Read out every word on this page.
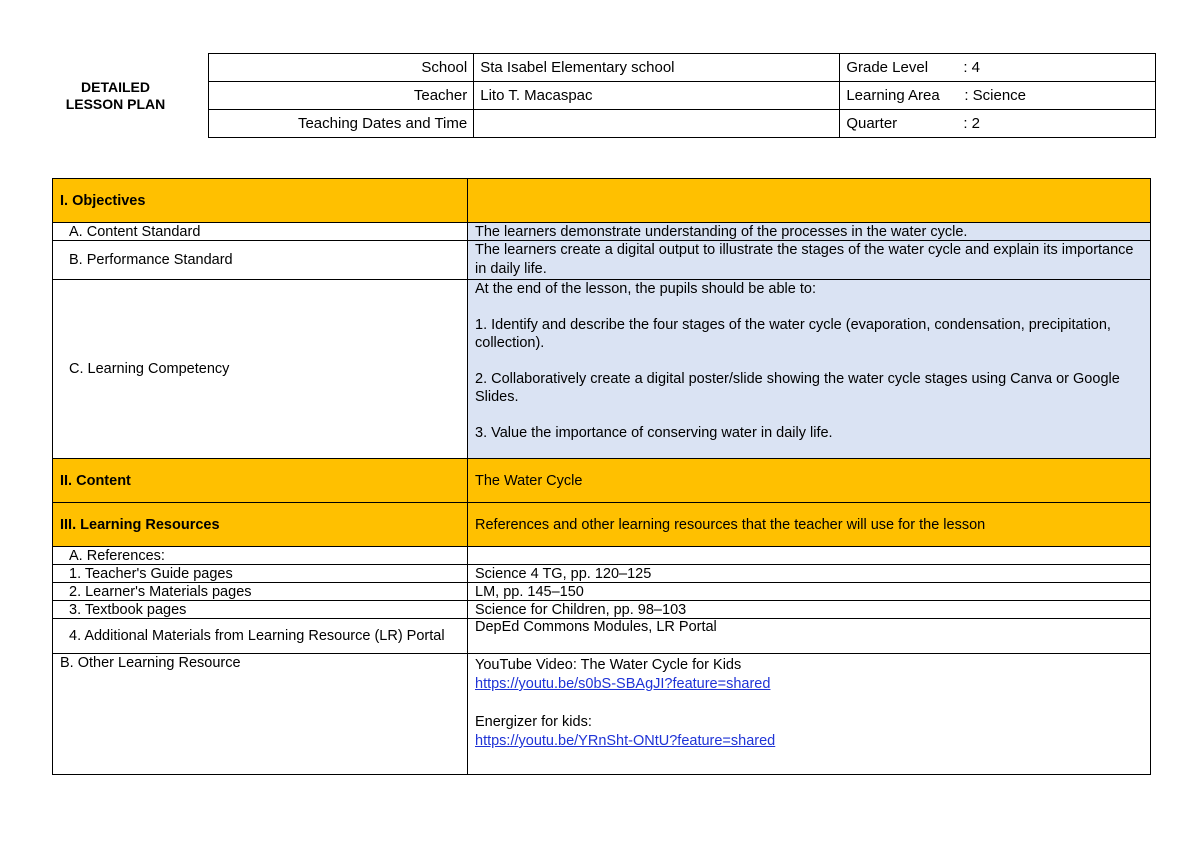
DETAILED
LESSON PLAN
School	Sta Isabel Elementary school	Grade Level : 4
Teacher	Lito T. Macaspac	Learning Area : Science
Teaching Dates and Time		Quarter : 2
I. Objectives	
A. Content Standard	The learners demonstrate understanding of the processes in the water cycle.
B. Performance Standard	The learners create a digital output to illustrate the stages of the water cycle and explain its importance in daily life.
C. Learning Competency	At the end of the lesson, the pupils should be able to:
1. Identify and describe the four stages of the water cycle (evaporation, condensation, precipitation, collection).
2. Collaboratively create a digital poster/slide showing the water cycle stages using Canva or Google Slides.
3. Value the importance of conserving water in daily life.

II. Content	The Water Cycle
III. Learning Resources	References and other learning resources that the teacher will use for the lesson
A. References:	
1. Teacher's Guide pages	Science 4 TG, pp. 120–125
2. Learner's Materials pages	LM, pp. 145–150
3. Textbook pages	Science for Children, pp. 98–103
4. Additional Materials from Learning Resource (LR) Portal	DepEd Commons Modules, LR Portal
B. Other Learning Resource	YouTube Video: The Water Cycle for Kids
https://youtu.be/s0bS-SBAgJI?feature=shared
Energizer for kids:
https://youtu.be/YRnSht-ONtU?feature=shared
